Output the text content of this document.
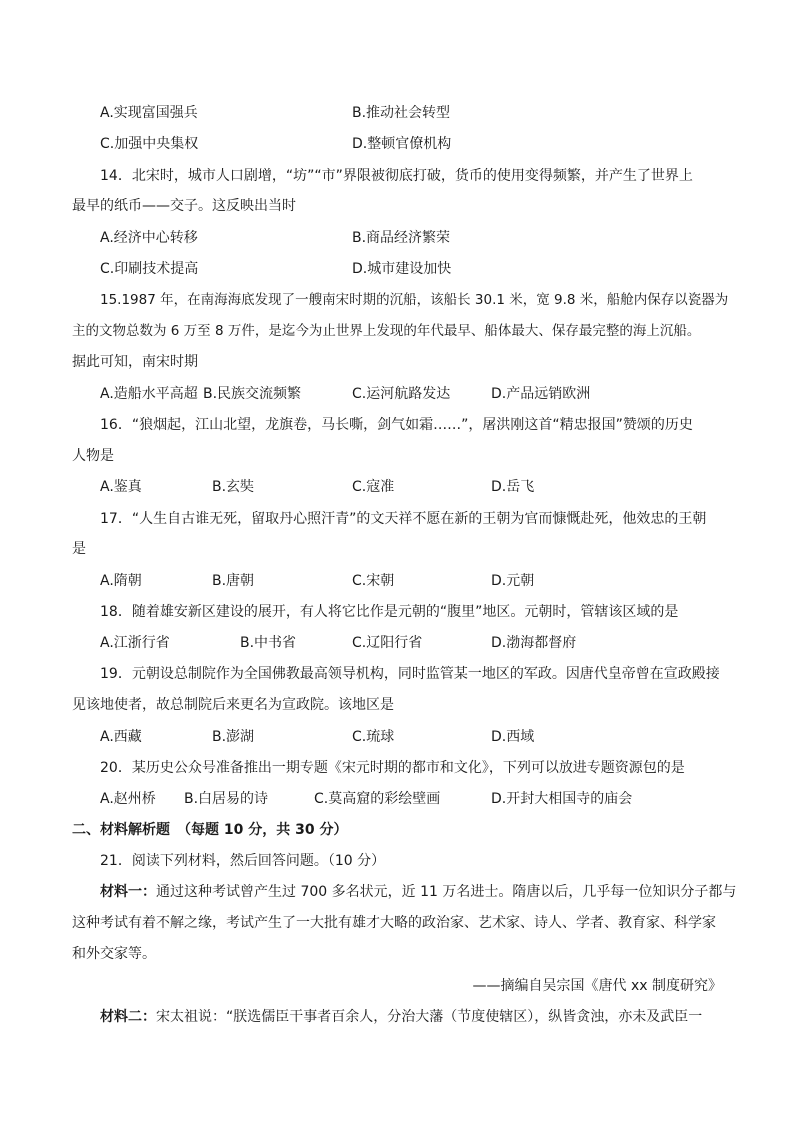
A.实现富国强兵	B.推动社会转型
C.加强中央集权	D.整顿官僚机构
14．北宋时，城市人口剧增，“坊”“市”界限被彻底打破，货币的使用变得频繁，并产生了世界上
最早的纸币——交子。这反映出当时
A.经济中心转移	B.商品经济繁荣
C.印刷技术提高	D.城市建设加快
15.1987 年，在南海海底发现了一艘南宋时期的沉船，该船长 30.1 米，宽 9.8 米，船舱内保存以瓷器为
主的文物总数为 6 万至 8 万件，是迄今为止世界上发现的年代最早、船体最大、保存最完整的海上沉船。
据此可知，南宋时期
A.造船水平高超 B.民族交流频繁	C.运河航路发达	D.产品远销欧洲
16．“狼烟起，江山北望，龙旗卷，马长嘶，剑气如霜……”，屠洪刚这首“精忠报国”赞颂的历史
人物是
A.鉴真	B.玄奘	C.寇准	D.岳飞
17．“人生自古谁无死，留取丹心照汗青”的文天祥不愿在新的王朝为官而慷慨赴死，他效忠的王朝
是
A.隋朝	B.唐朝	C.宋朝	D.元朝
18．随着雄安新区建设的展开，有人将它比作是元朝的“腹里”地区。元朝时，管辖该区域的是
A.江浙行省	B.中书省	C.辽阳行省	D.渤海都督府
19．元朝设总制院作为全国佛教最高领导机构，同时监管某一地区的军政。因唐代皇帝曾在宣政殿接
见该地使者，故总制院后来更名为宣政院。该地区是
A.西藏	B.澎湖	C.琉球	D.西域
20．某历史公众号准备推出一期专题《宋元时期的都市和文化》，下列可以放进专题资源包的是
A.赵州桥 B.白居易的诗	C.莫高窟的彩绘壁画	D.开封大相国寺的庙会
二、材料解析题　（每题 10 分，共 30 分）
21．阅读下列材料，然后回答问题。（10 分）
材料一：通过这种考试曾产生过 700 多名状元，近 11 万名进士。隋唐以后，几乎每一位知识分子都与
这种考试有着不解之缘，考试产生了一大批有雄才大略的政治家、艺术家、诗人、学者、教育家、科学家
和外交家等。
——摘编自吴宗国《唐代 xx 制度研究》
材料二：宋太祖说：“朕选儒臣干事者百余人，分治大藩（节度使辖区），纵皆贪浊，亦未及武臣一
